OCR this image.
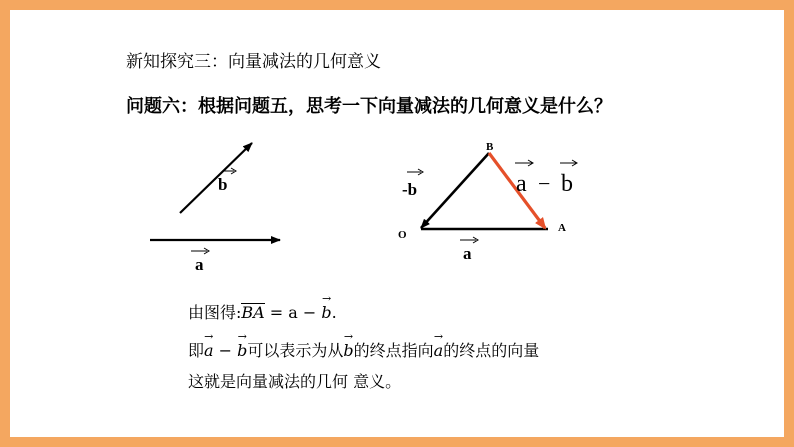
新知探究三：向量减法的几何意义
问题六：根据问题五，思考一下向量减法的几何意义是什么？
b
a
B
O
A
-b
a
a − b
由图得:BA = a − → b.
即→ a − → b可以表示为从→ b的终点指向→ a的终点的向量
这就是向量减法的几何 意义。
